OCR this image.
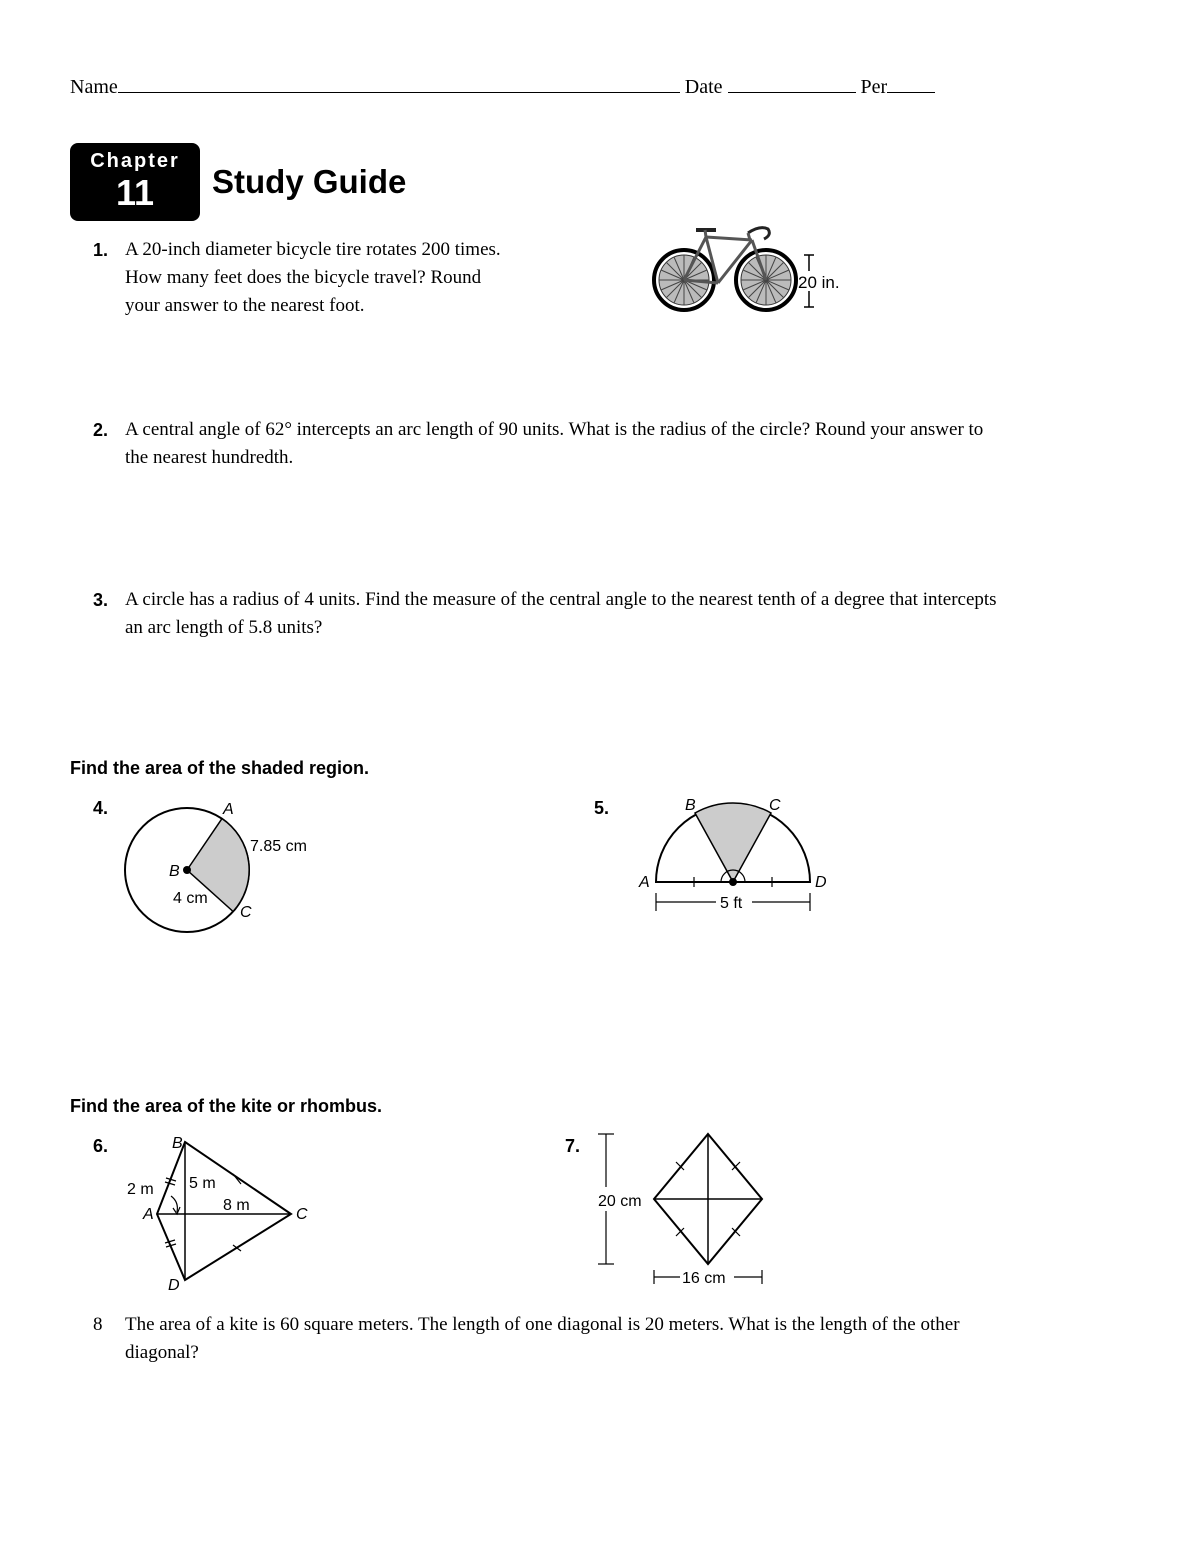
Name	Date	Per
Chapter
11	Study Guide
1. A 20-inch diameter bicycle tire rotates 200 times.
How many feet does the bicycle travel? Round
your answer to the nearest foot.
20 in.
2. A central angle of 62° intercepts an arc length of 90 units. What is the radius of the circle? Round your answer to
the nearest hundredth.
3. A circle has a radius of 4 units. Find the measure of the central angle to the nearest tenth of a degree that intercepts
an arc length of 5.8 units?
Find the area of the shaded region.
4.	A
B
C
7.85 cm
4 cm
5.
5 ft
A
B	C
D
Find the area of the kite or rhombus.
6.	B
A	C
D
2 m 5 m
8 m
7.
20 cm
16 cm
8 The area of a kite is 60 square meters. The length of one diagonal is 20 meters. What is the length of the other
diagonal?
